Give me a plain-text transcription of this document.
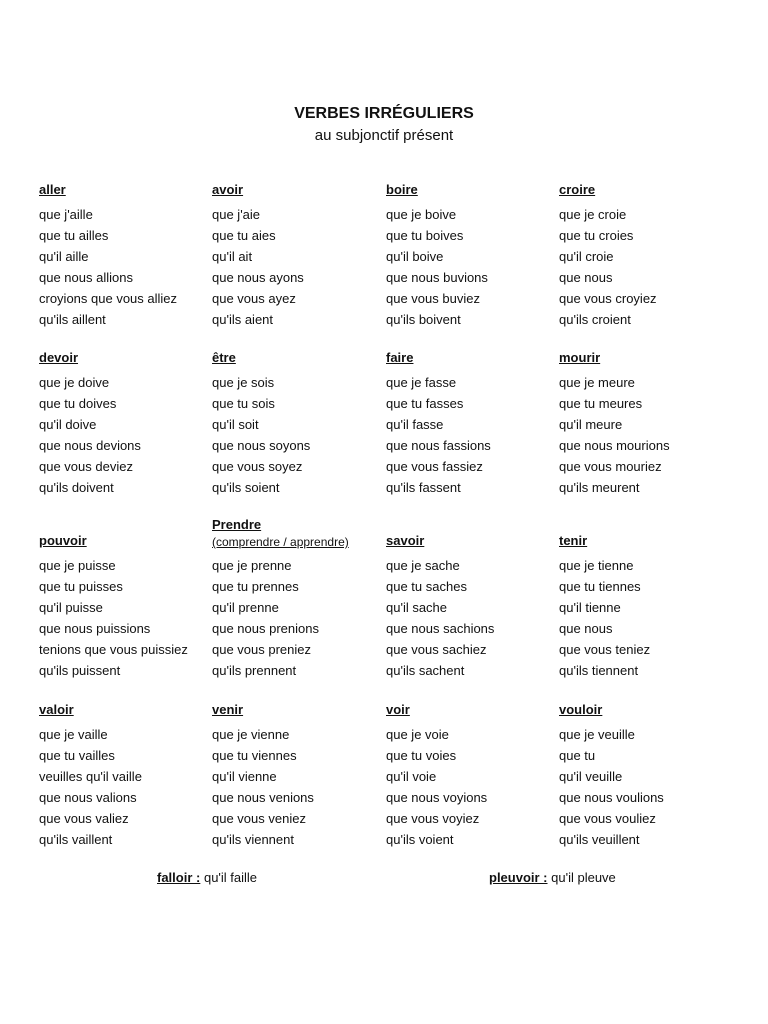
VERBES IRRÉGULIERS
au subjonctif présent
aller
que j'aille
que tu ailles
qu'il aille
que nous allions
croyions que vous alliez
qu'ils aillent
avoir
que j'aie
que tu aies
qu'il ait
que nous ayons
que vous ayez
qu'ils aient
boire
que je boive
que tu boives
qu'il boive
que nous buvions
que vous buviez
qu'ils boivent
croire
que je croie
que tu croies
qu'il croie
que nous
que vous croyiez
qu'ils croient
devoir
que je doive
que tu doives
qu'il doive
que nous devions
que vous deviez
qu'ils doivent
être
que je sois
que tu sois
qu'il soit
que nous soyons
que vous soyez
qu'ils soient
faire
que je fasse
que tu fasses
qu'il fasse
que nous fassions
que vous fassiez
qu'ils fassent
mourir
que je meure
que tu meures
qu'il meure
que nous mourions
que vous mouriez
qu'ils meurent
pouvoir
que je puisse
que tu puisses
qu'il puisse
que nous puissions
tenions que vous puissiez
qu'ils puissent
Prendre
(comprendre / apprendre)
que je prenne
que tu prennes
qu'il prenne
que nous prenions
que vous preniez
qu'ils prennent
savoir
que je sache
que tu saches
qu'il sache
que nous sachions
que vous sachiez
qu'ils sachent
tenir
que je tienne
que tu tiennes
qu'il tienne
que nous
que vous teniez
qu'ils tiennent
valoir
que je vaille
que tu vailles
veuilles qu'il vaille
que nous valions
que vous valiez
qu'ils vaillent
venir
que je vienne
que tu viennes
qu'il vienne
que nous venions
que vous veniez
qu'ils viennent
voir
que je voie
que tu voies
qu'il voie
que nous voyions
que vous voyiez
qu'ils voient
vouloir
que je veuille
que tu
qu'il veuille
que nous voulions
que vous vouliez
qu'ils veuillent
falloir : qu'il faille	pleuvoir : qu'il pleuve
